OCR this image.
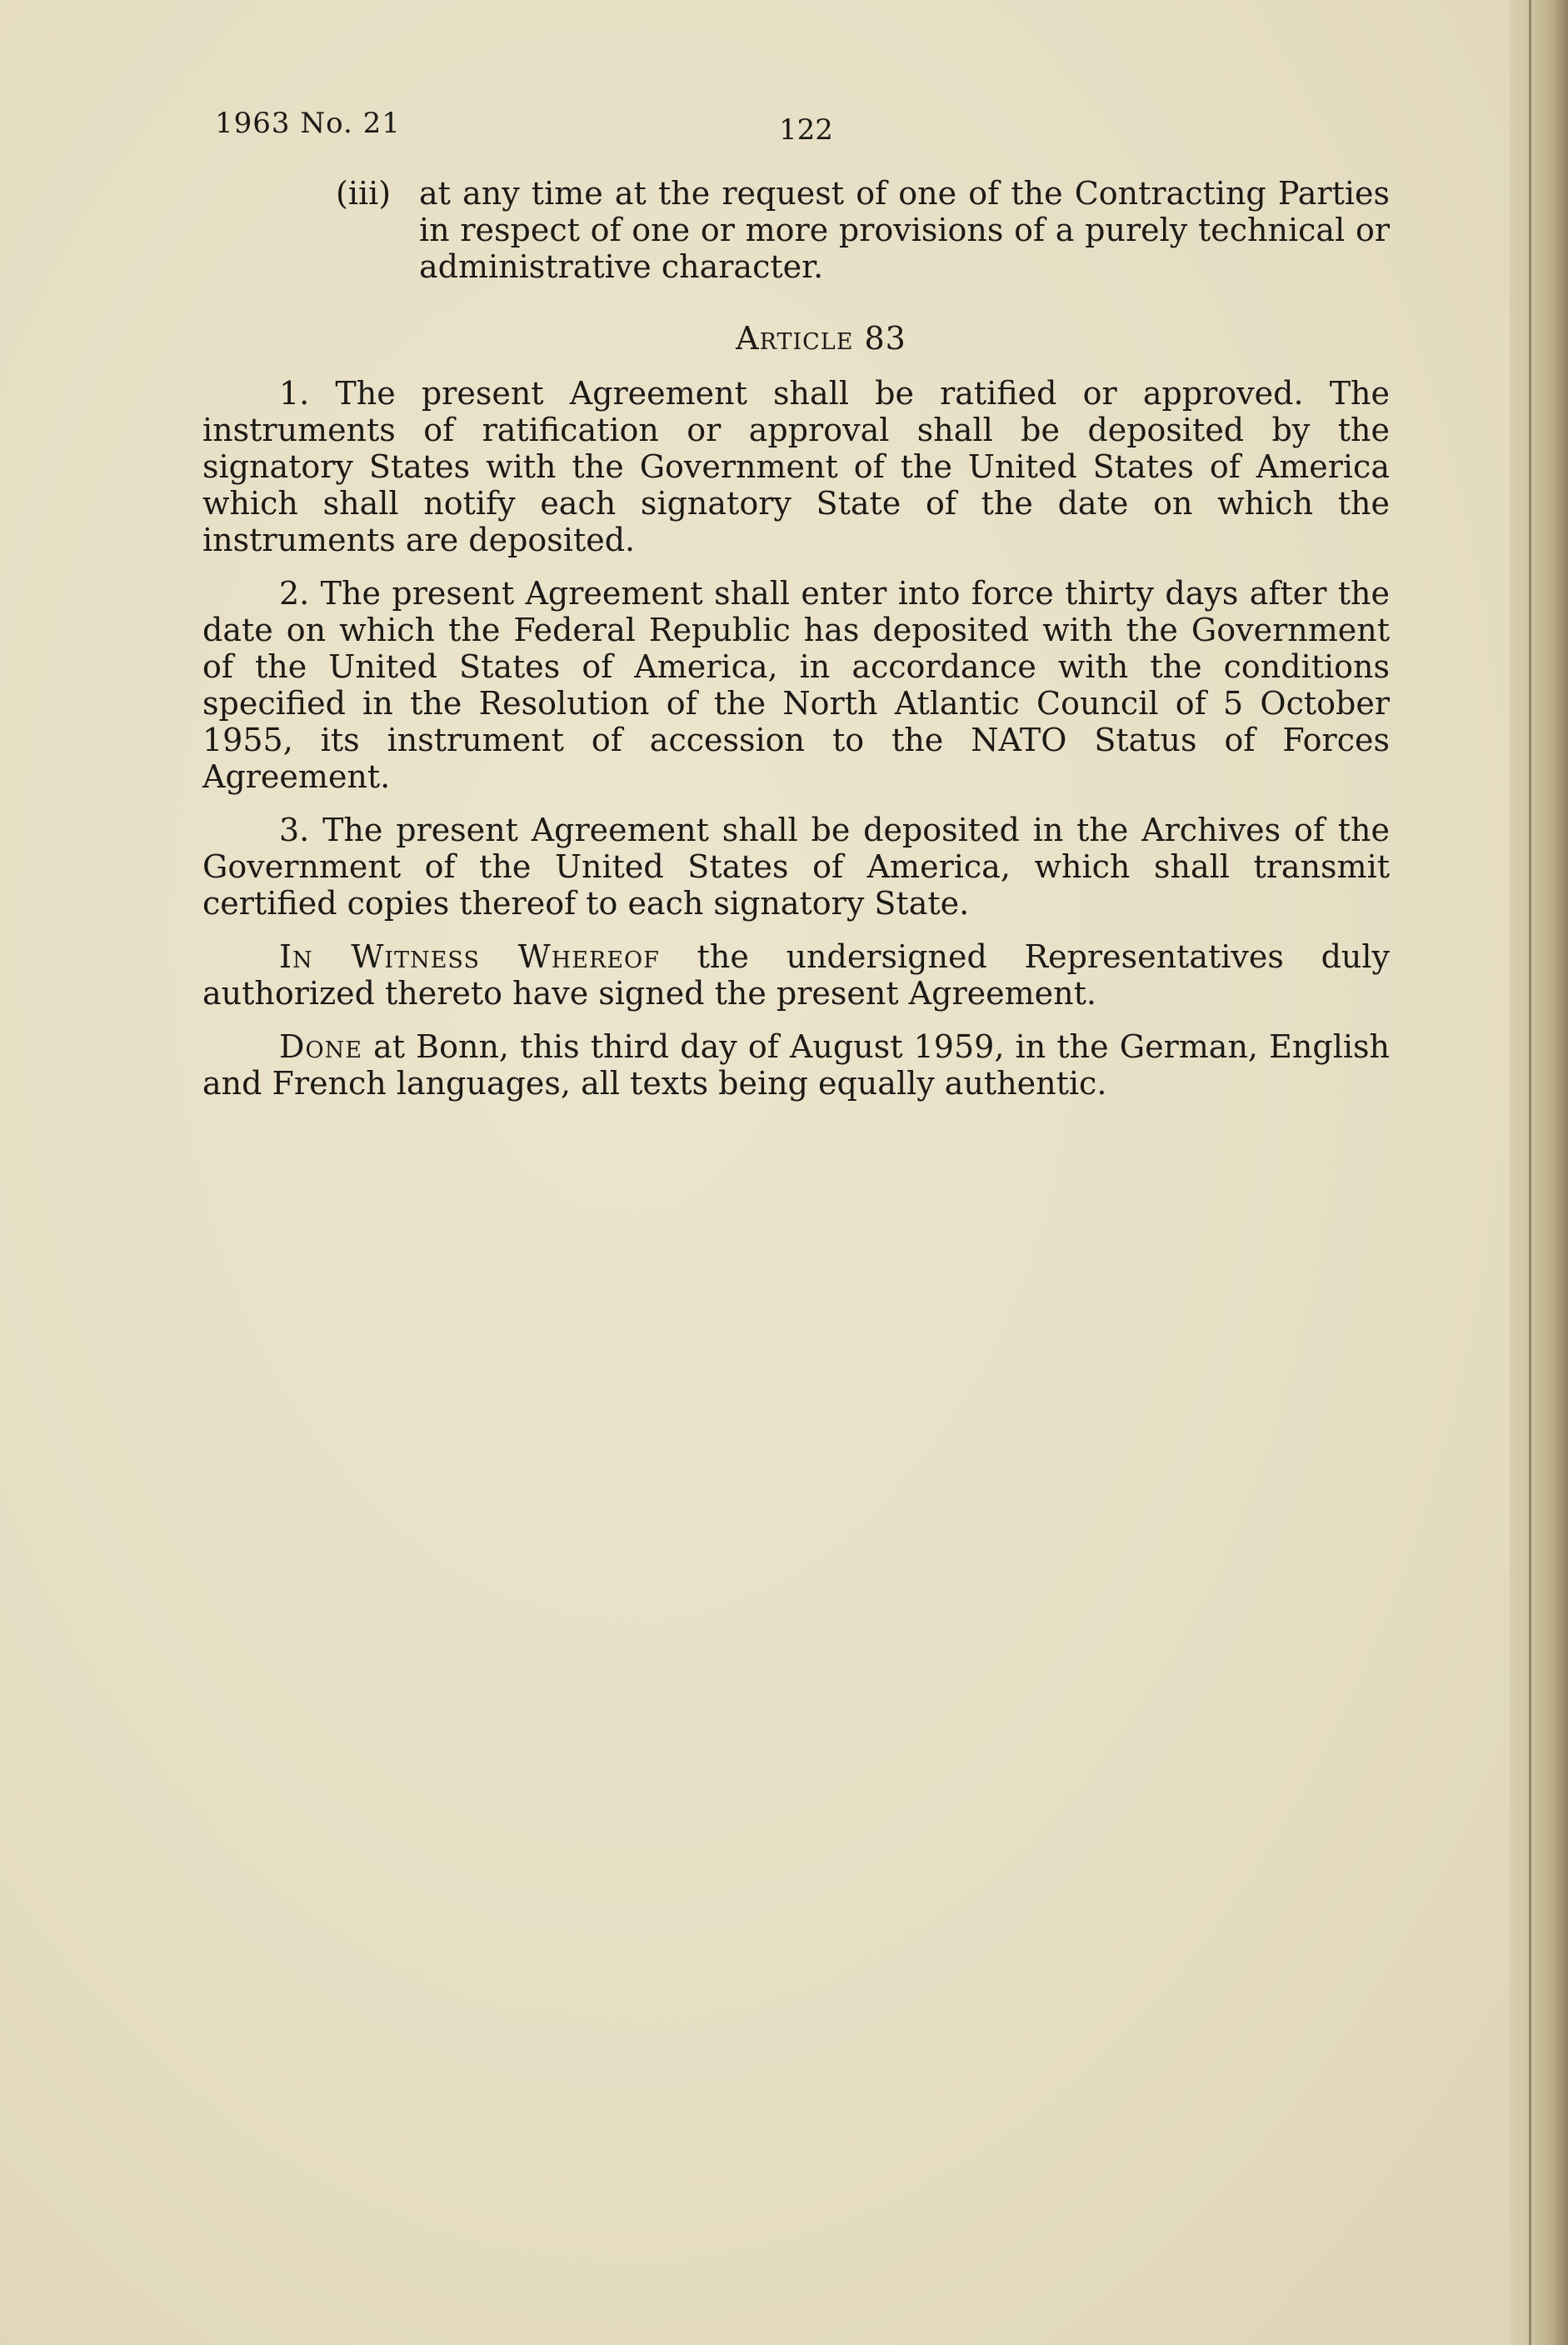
1963 No. 21	122
(iii) at any time at the request of one of the Contracting Parties in respect of one or more provisions of a purely technical or administrative character.
Article 83

1. The present Agreement shall be ratified or approved. The instruments of ratification or approval shall be deposited by the signatory States with the Government of the United States of America which shall notify each signatory State of the date on which the instruments are deposited.

2. The present Agreement shall enter into force thirty days after the date on which the Federal Republic has deposited with the Government of the United States of America, in accordance with the conditions specified in the Resolution of the North Atlantic Council of 5 October 1955, its instrument of accession to the NATO Status of Forces Agreement.

3. The present Agreement shall be deposited in the Archives of the Government of the United States of America, which shall transmit certified copies thereof to each signatory State.

In Witness Whereof the undersigned Representatives duly authorized thereto have signed the present Agreement.

Done at Bonn, this third day of August 1959, in the German, English and French languages, all texts being equally authentic.
